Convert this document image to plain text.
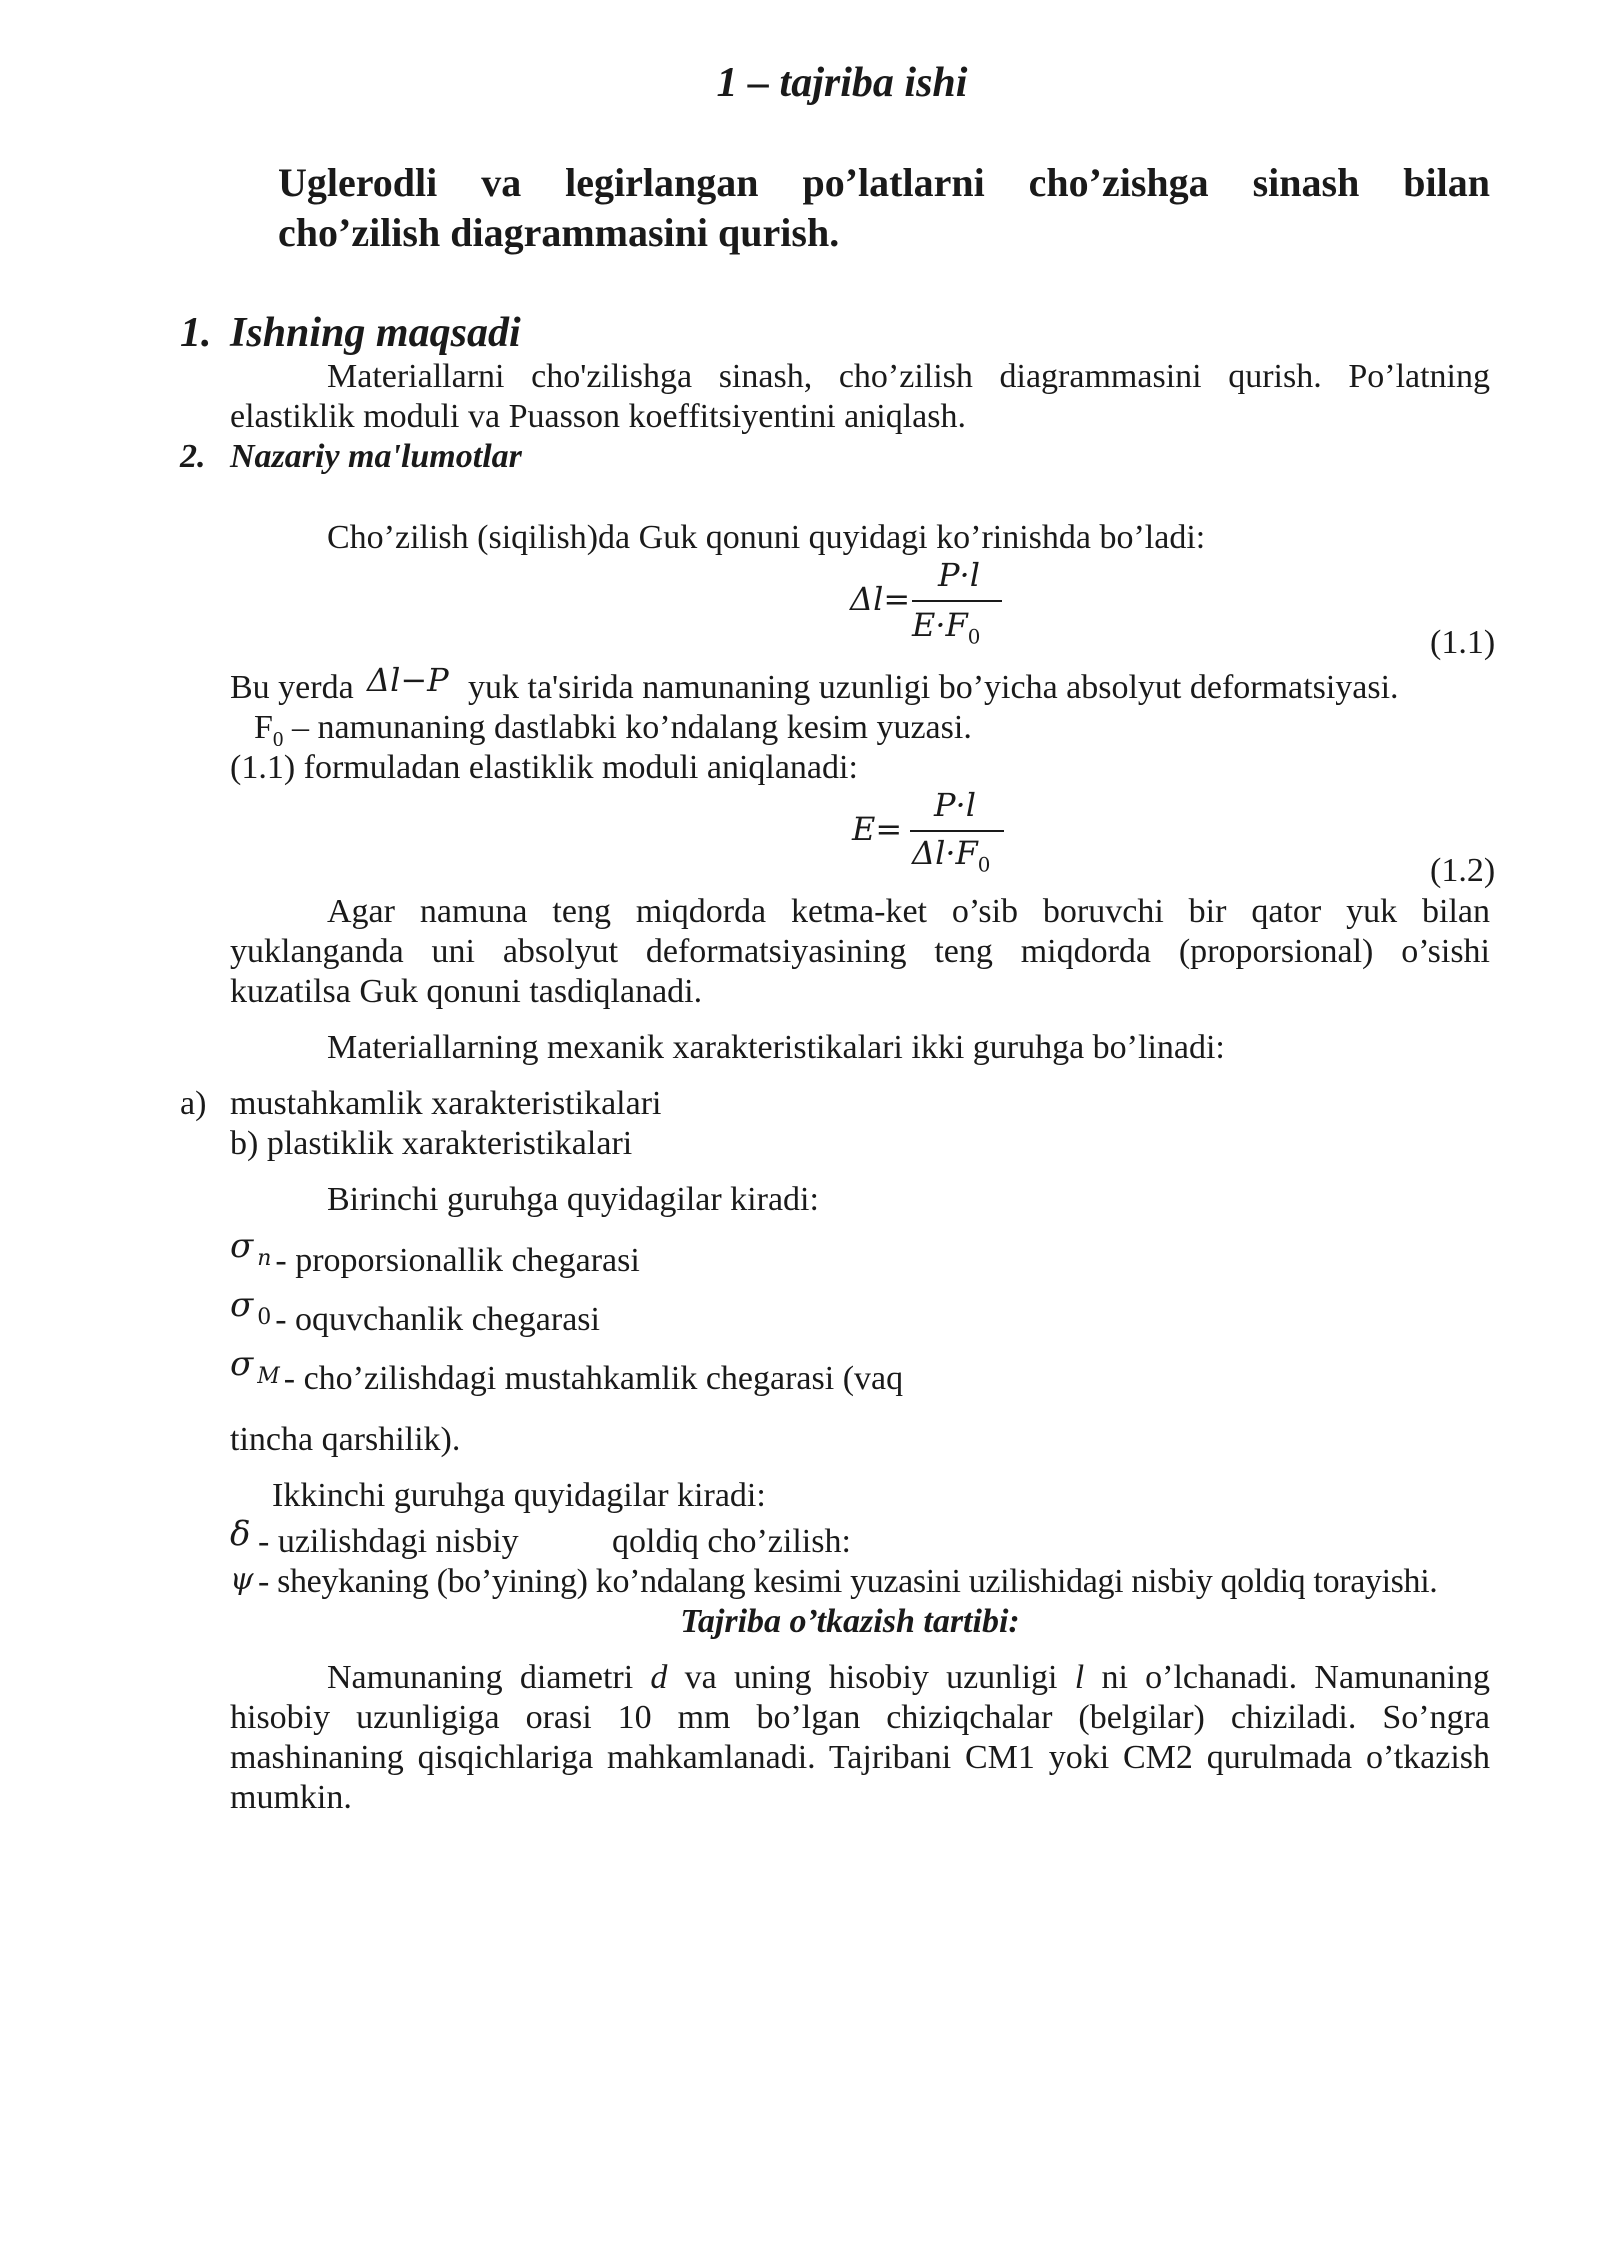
1 – tajriba ishi
Uglerodli va legirlangan po’latlarni cho’zishga sinash bilan
cho’zilish diagrammasini qurish.
1. Ishning maqsadi
Materiallarni cho'zilishga sinash, cho’zilish diagrammasini qurish. Po’latning
elastiklik moduli va Puasson koeffitsiyentini aniqlash.
2. Nazariy ma'lumotlar
Cho’zilish (siqilish)da Guk qonuni quyidagi ko’rinishda bo’ladi:
Δl=
P·l
$E\cdot F_0$	(1.1)
Bu yerda Δl−P yuk ta'sirida namunaning uzunligi bo’yicha absolyut deformatsiyasi.
$F_0$ – namunaning dastlabki ko’ndalang kesim yuzasi.
(1.1) formuladan elastiklik moduli aniqlanadi:
E=
P·l
$\Delta l\cdot F_0$	(1.2)
Agar namuna teng miqdorda ketma-ket o’sib boruvchi bir qator yuk bilan
yuklanganda uni absolyut deformatsiyasining teng miqdorda (proporsional) o’sishi
kuzatilsa Guk qonuni tasdiqlanadi.
Materiallarning mexanik xarakteristikalari ikki guruhga bo’linadi:
a) mustahkamlik xarakteristikalari
b) plastiklik xarakteristikalari
Birinchi guruhga quyidagilar kiradi:
σn - proporsionallik chegarasi
σ 0 - oquvchanlik chegarasi
σ M - cho’zilishdagi mustahkamlik chegarasi (vaq
tincha qarshilik).
Ikkinchi guruhga quyidagilar kiradi:
δ - uzilishdagi nisbiy	qoldiq cho’zilish:
ψ - sheykaning (bo’yining) ko’ndalang kesimi yuzasini uzilishidagi nisbiy qoldiq torayishi.
Tajriba o’tkazish tartibi:
Namunaning diametri d va uning hisobiy uzunligi l ni o’lchanadi. Namunaning
hisobiy uzunligiga orasi 10 mm bo’lgan chiziqchalar (belgilar) chiziladi. So’ngra
mashinaning qisqichlariga mahkamlanadi. Tajribani CM1 yoki CM2 qurulmada o’tkazish
mumkin.
